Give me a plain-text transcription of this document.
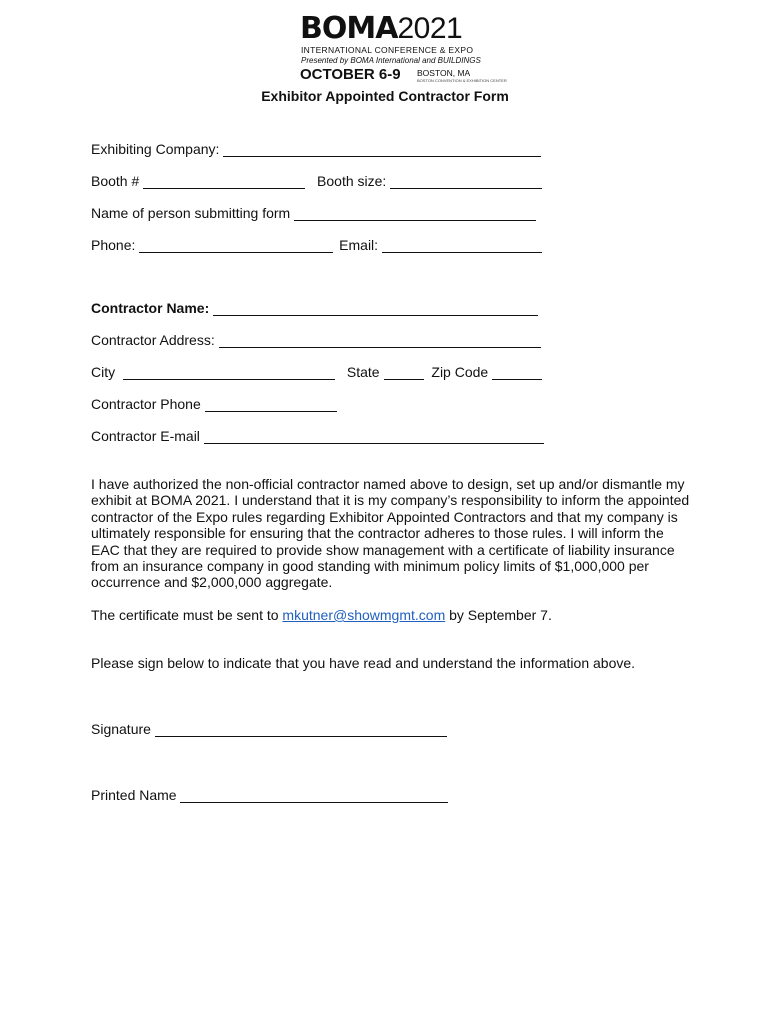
BOMA2021
INTERNATIONAL CONFERENCE & EXPO
Presented by BOMA International and BUILDINGS
OCTOBER 6-9 BOSTON, MA
BOSTON CONVENTION & EXHIBITION CENTER
Exhibitor Appointed Contractor Form
Exhibiting Company:
Booth #	Booth size:
Name of person submitting form
Phone:	Email:
Contractor Name:
Contractor Address:
City	State	Zip Code
Contractor Phone
Contractor E-mail
I have authorized the non-official contractor named above to design, set up and/or dismantle my exhibit at BOMA 2021. I understand that it is my company’s responsibility to inform the appointed contractor of the Expo rules regarding Exhibitor Appointed Contractors and that my company is ultimately responsible for ensuring that the contractor adheres to those rules. I will inform the EAC that they are required to provide show management with a certificate of liability insurance from an insurance company in good standing with minimum policy limits of $1,000,000 per occurrence and $2,000,000 aggregate.
The certificate must be sent to mkutner@showmgmt.com by September 7.
Please sign below to indicate that you have read and understand the information above.
Signature
Printed Name
